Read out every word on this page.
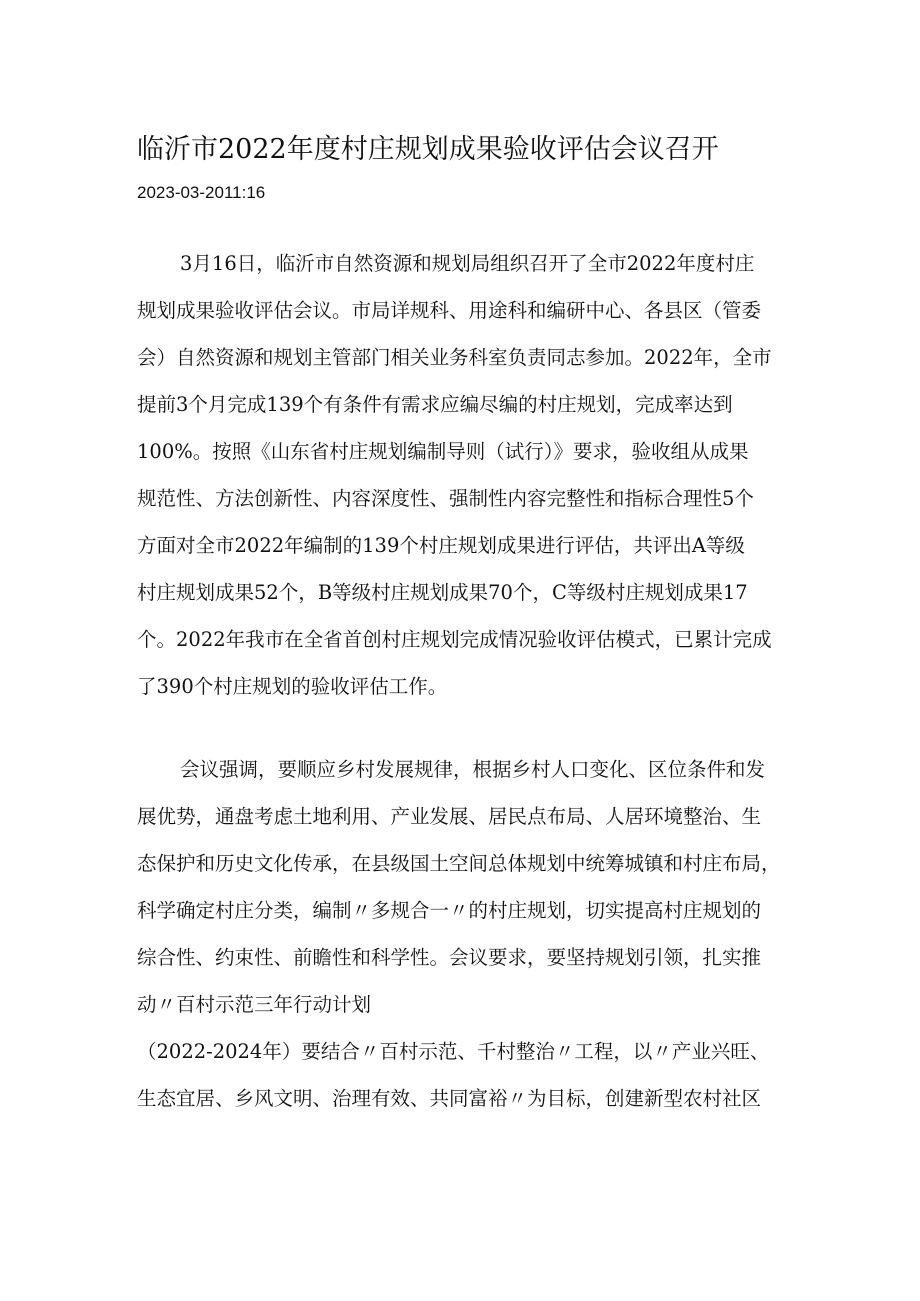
临沂市2022年度村庄规划成果验收评估会议召开
2023-03-2011:16
3月16日，临沂市自然资源和规划局组织召开了全市2022年度村庄
规划成果验收评估会议。市局详规科、用途科和编研中心、各县区（管委
会）自然资源和规划主管部门相关业务科室负责同志参加。2022年，全市
提前3个月完成139个有条件有需求应编尽编的村庄规划，完成率达到
100%。按照《山东省村庄规划编制导则（试行）》要求，验收组从成果
规范性、方法创新性、内容深度性、强制性内容完整性和指标合理性5个
方面对全市2022年编制的139个村庄规划成果进行评估，共评出A等级
村庄规划成果52个，B等级村庄规划成果70个，C等级村庄规划成果17
个。2022年我市在全省首创村庄规划完成情况验收评估模式，已累计完成
了390个村庄规划的验收评估工作。
会议强调，要顺应乡村发展规律，根据乡村人口变化、区位条件和发
展优势，通盘考虑土地利用、产业发展、居民点布局、人居环境整治、生
态保护和历史文化传承，在县级国土空间总体规划中统筹城镇和村庄布局，
科学确定村庄分类，编制〃多规合一〃的村庄规划，切实提高村庄规划的
综合性、约束性、前瞻性和科学性。会议要求，要坚持规划引领，扎实推
动〃百村示范三年行动计划
（2022-2024年）要结合〃百村示范、千村整治〃工程，以〃产业兴旺、
生态宜居、乡风文明、治理有效、共同富裕〃为目标，创建新型农村社区
